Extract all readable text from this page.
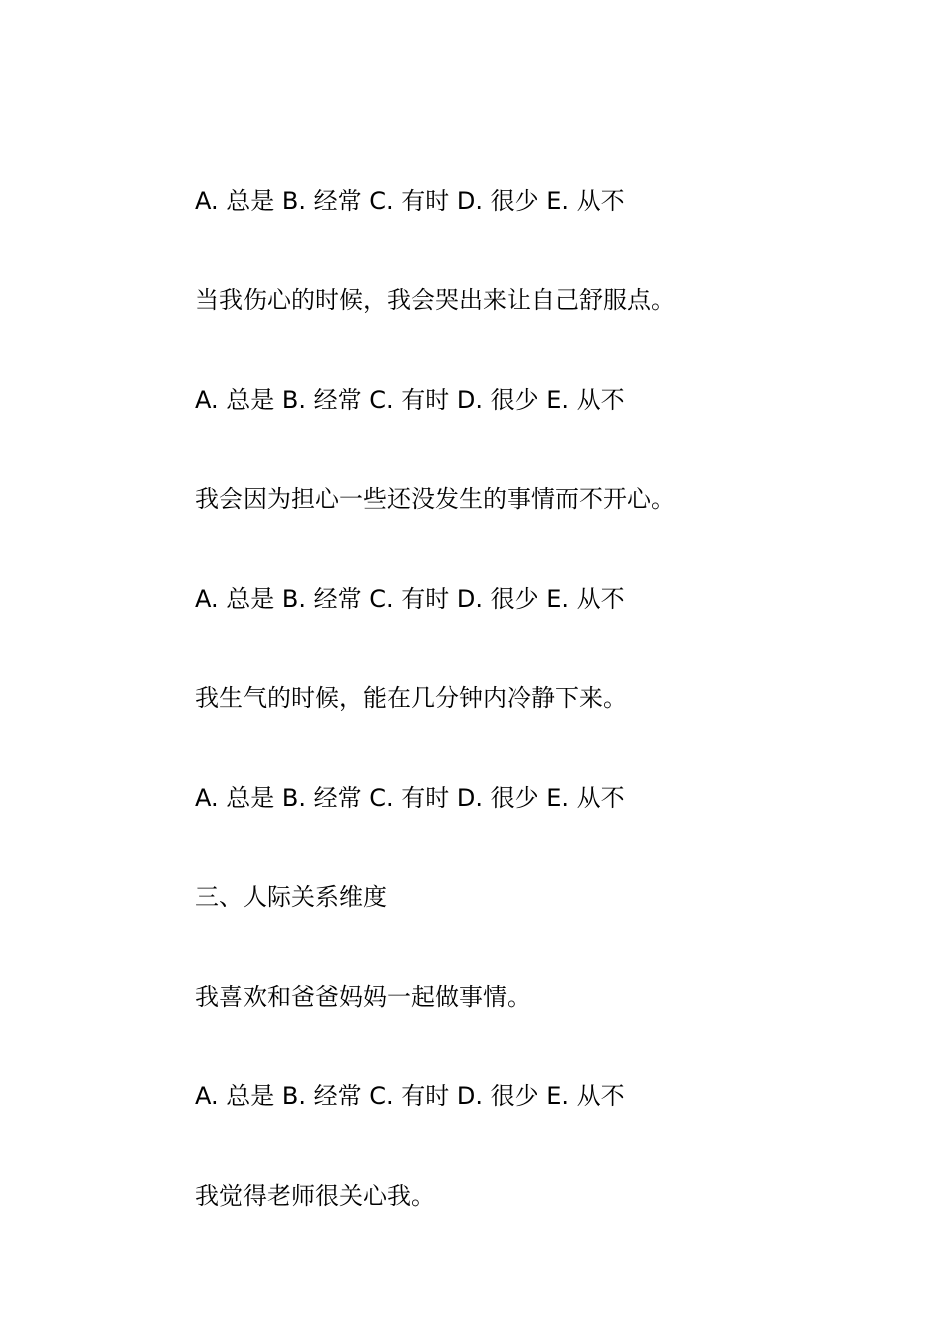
A. 总是 B. 经常 C. 有时 D. 很少 E. 从不
当我伤心的时候，我会哭出来让自己舒服点。
A. 总是 B. 经常 C. 有时 D. 很少 E. 从不
我会因为担心一些还没发生的事情而不开心。
A. 总是 B. 经常 C. 有时 D. 很少 E. 从不
我生气的时候，能在几分钟内冷静下来。
A. 总是 B. 经常 C. 有时 D. 很少 E. 从不
三、人际关系维度
我喜欢和爸爸妈妈一起做事情。
A. 总是 B. 经常 C. 有时 D. 很少 E. 从不
我觉得老师很关心我。
